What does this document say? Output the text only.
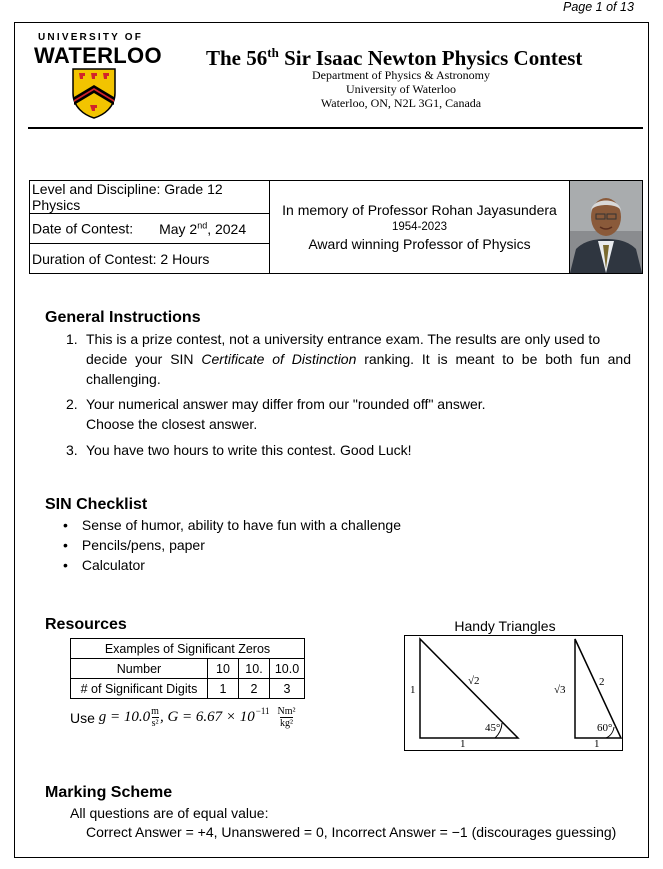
Page 1 of 13
UNIVERSITY OF
WATERLOO The 56th Sir Isaac Newton Physics Contest
Department of Physics & Astronomy
University of Waterloo
Waterloo, ON, N2L 3G1, Canada
Level and Discipline: Grade 12 Physics	In memory of Professor Rohan Jayasundera
1954-2023
Award winning Professor of Physics

Date of Contest: May 2nd, 2024
Duration of Contest: 2 Hours
General Instructions
1. This is a prize contest, not a university entrance exam. The results are only used to
decide your SIN Certificate of Distinction ranking. It is meant to be both fun and
challenging.
2. Your numerical answer may differ from our "rounded off" answer.
Choose the closest answer.
3. You have two hours to write this contest. Good Luck!
SIN Checklist
• Sense of humor, ability to have fun with a challenge
• Pencils/pens, paper
• Calculator
Resources
Examples of Significant Zeros			
Number	10	10.	10.0
# of Significant Digits	1	2	3
Use
g = 10.0 m
s² , $G = 6.67 \times 10^{-11}$ Nm²
kg²
Handy Triangles
1
√2
45°
1
√3
2
60°
1
Marking Scheme
All questions are of equal value:
Correct Answer = +4, Unanswered = 0, Incorrect Answer = −1 (discourages guessing)
